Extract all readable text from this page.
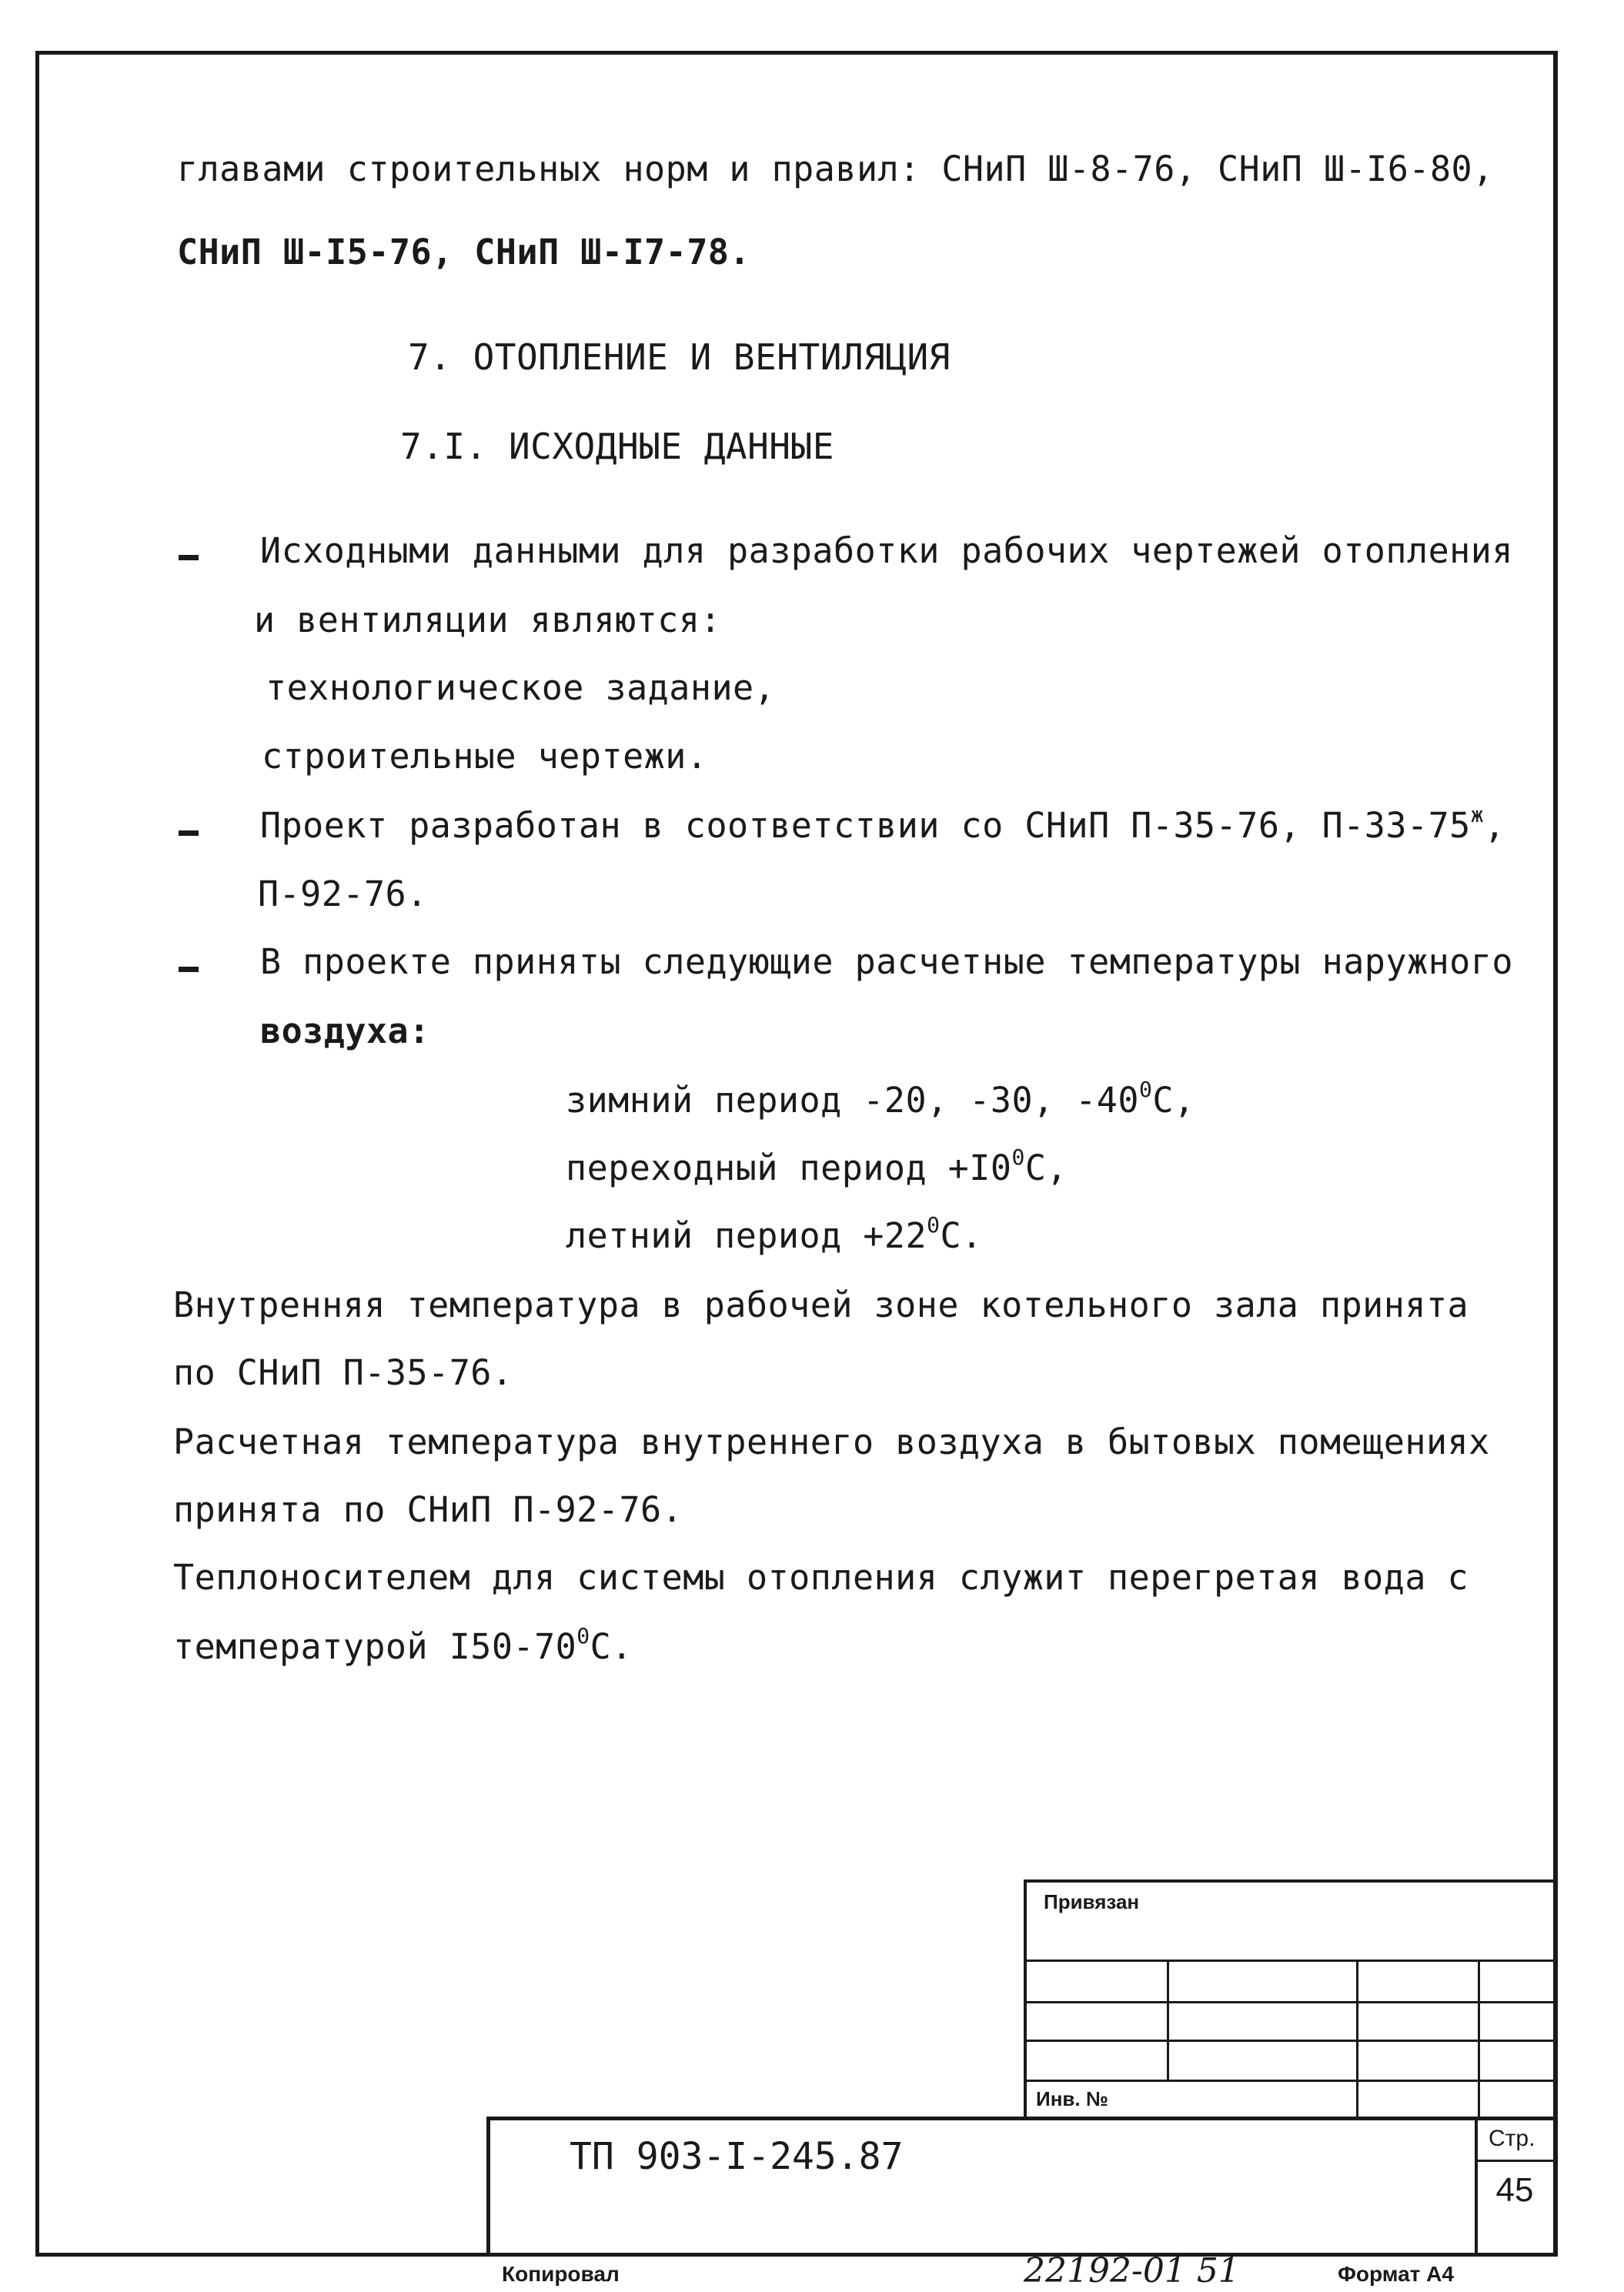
главами строительных норм и правил: СНиП Ш-8-76, СНиП Ш-I6-80,
СНиП Ш-I5-76, СНиП Ш-I7-78.
7. ОТОПЛЕНИЕ И ВЕНТИЛЯЦИЯ
7.I. ИСХОДНЫЕ ДАННЫЕ
Исходными данными для разработки рабочих чертежей отопления
и вентиляции являются:
технологическое задание,
строительные чертежи.
Проект разработан в соответствии со СНиП П-35-76, $П-33-75^ж$,
П-92-76.
В проекте приняты следующие расчетные температуры наружного
воздуха:
зимний период -20, -30, $-40^0С$,
переходный период $+I0^0С$,
летний период $+22^0С$.
Внутренняя температура в рабочей зоне котельного зала принята
по СНиП П-35-76.
Расчетная температура внутреннего воздуха в бытовых помещениях
принята по СНиП П-92-76.
Теплоносителем для системы отопления служит перегретая вода с
температурой $I50-70^0С$.
Привязан
Инв. №
ТП 903-I-245.87	Стр.
45
Копировал	22192-01 51	Формат А4
